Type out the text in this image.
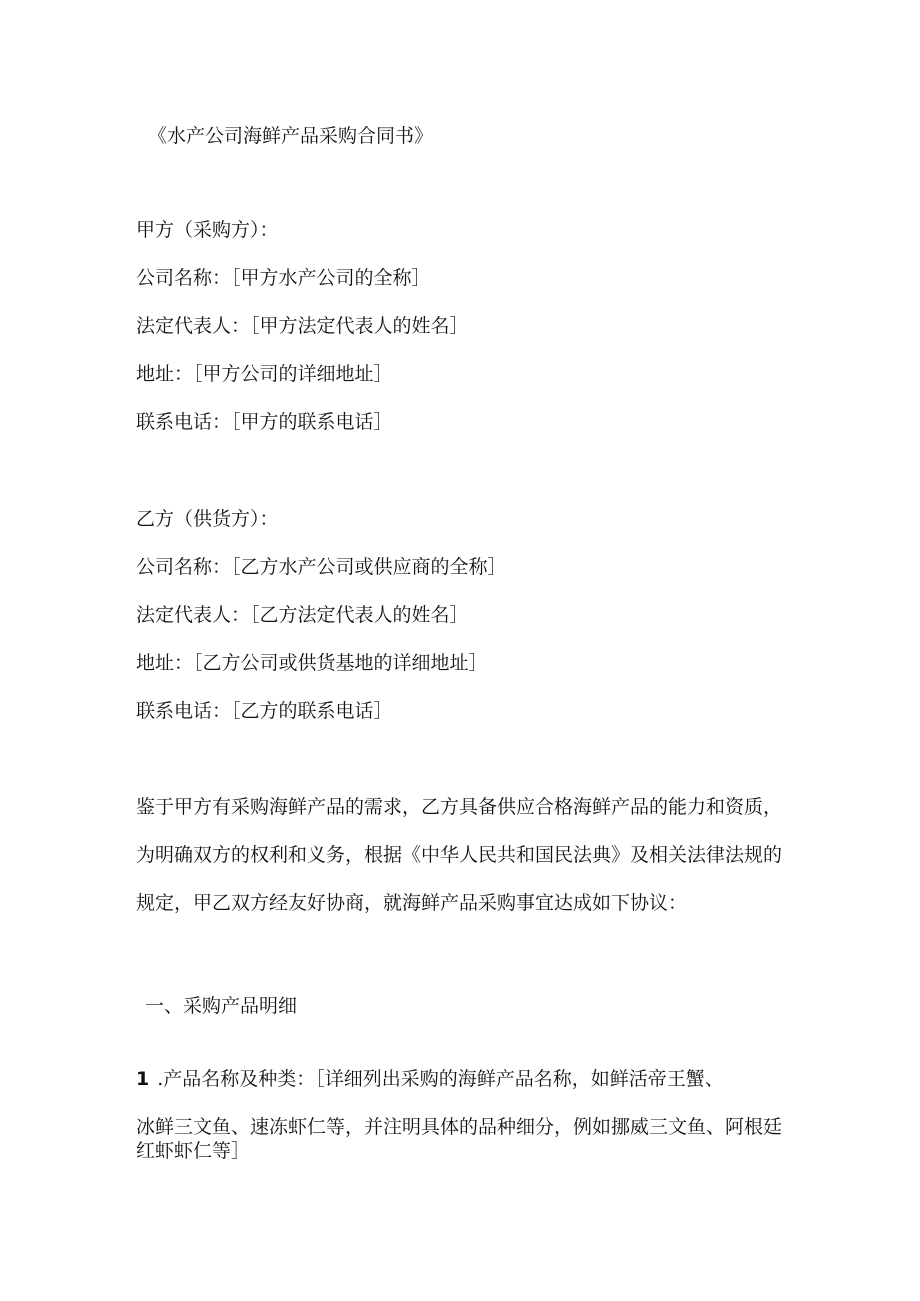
《水产公司海鲜产品采购合同书》
甲方（采购方）：
公司名称：［甲方水产公司的全称］
法定代表人：［甲方法定代表人的姓名］
地址：［甲方公司的详细地址］
联系电话：［甲方的联系电话］
乙方（供货方）：
公司名称：［乙方水产公司或供应商的全称］
法定代表人：［乙方法定代表人的姓名］
地址：［乙方公司或供货基地的详细地址］
联系电话：［乙方的联系电话］
鉴于甲方有采购海鲜产品的需求，乙方具备供应合格海鲜产品的能力和资质，
为明确双方的权利和义务，根据《中华人民共和国民法典》及相关法律法规的
规定，甲乙双方经友好协商，就海鲜产品采购事宜达成如下协议：
一、采购产品明细
1 .产品名称及种类：［详细列出采购的海鲜产品名称，如鲜活帝王蟹、
冰鲜三文鱼、速冻虾仁等，并注明具体的品种细分，例如挪威三文鱼、阿根廷
红虾虾仁等］
